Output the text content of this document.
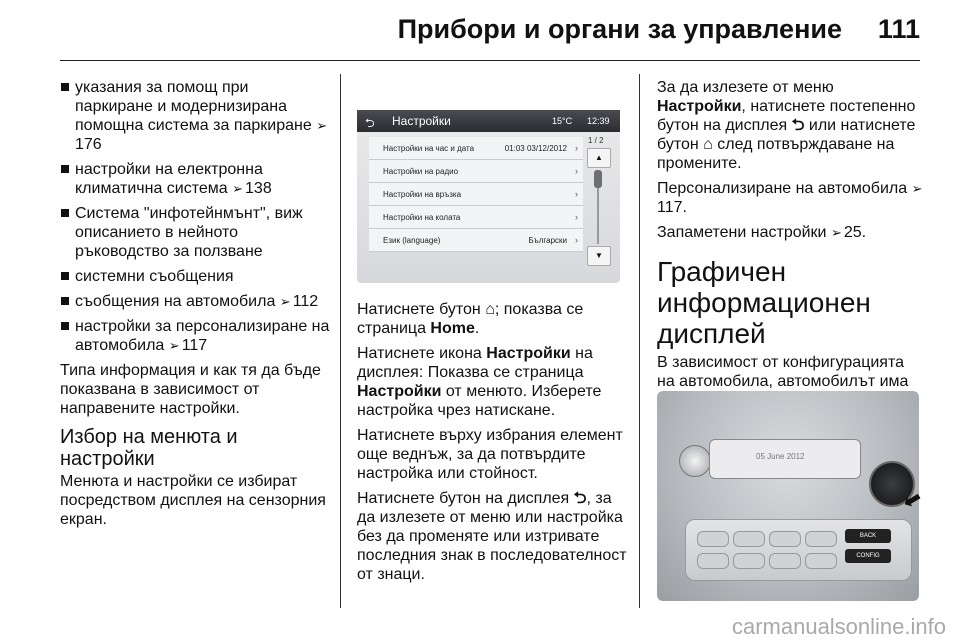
Прибори и органи за управление 111
указания за помощ при паркиране и модернизирана помощна система за паркиране ➢176
настройки на електронна климатична система ➢ 138
Система "инфотейнмънт", виж описанието в нейното ръководство за ползване
системни съобщения
съобщения на автомобила ➢ 112
настройки за персонализиране на автомобила ➢ 117

Типа информация и как тя да бъде показвана в зависимост от направените настройки.

Избор на менюта и настройки

Менюта и настройки се избират посредством дисплея на сензорния екран.

⮌ Настройки	15°C 12:39
Настройки на час и дата	01:03 03/12/2012 ›
Настройки на радио	›
Настройки на връзка	›
Настройки на колата	›
Език (language)	Български ›
1 / 2
▲
▼

Натиснете бутон ⌂; показва се страница Home.

Натиснете икона Настройки на дисплея: Показва се страница Настройки от менюто. Изберете настройка чрез натискане.

Натиснете върху избрания елемент още веднъж, за да потвърдите настройка или стойност.

Натиснете бутон на дисплея ⮌, за да излезете от меню или настройка без да променяте или изтривате последния знак в последователност от знаци.

За да излезете от меню Настройки, натиснете постепенно бутон на дисплея ⮌ или натиснете бутон ⌂ след потвърждаване на промените.

Персонализиране на автомобила ➢117.

Запаметени настройки ➢ 25.

Графичен информационен дисплей

В зависимост от конфигурацията на автомобила, автомобилът има

05 June 2012
⬅
BACK
CONFIG
carmanualsonline.info
